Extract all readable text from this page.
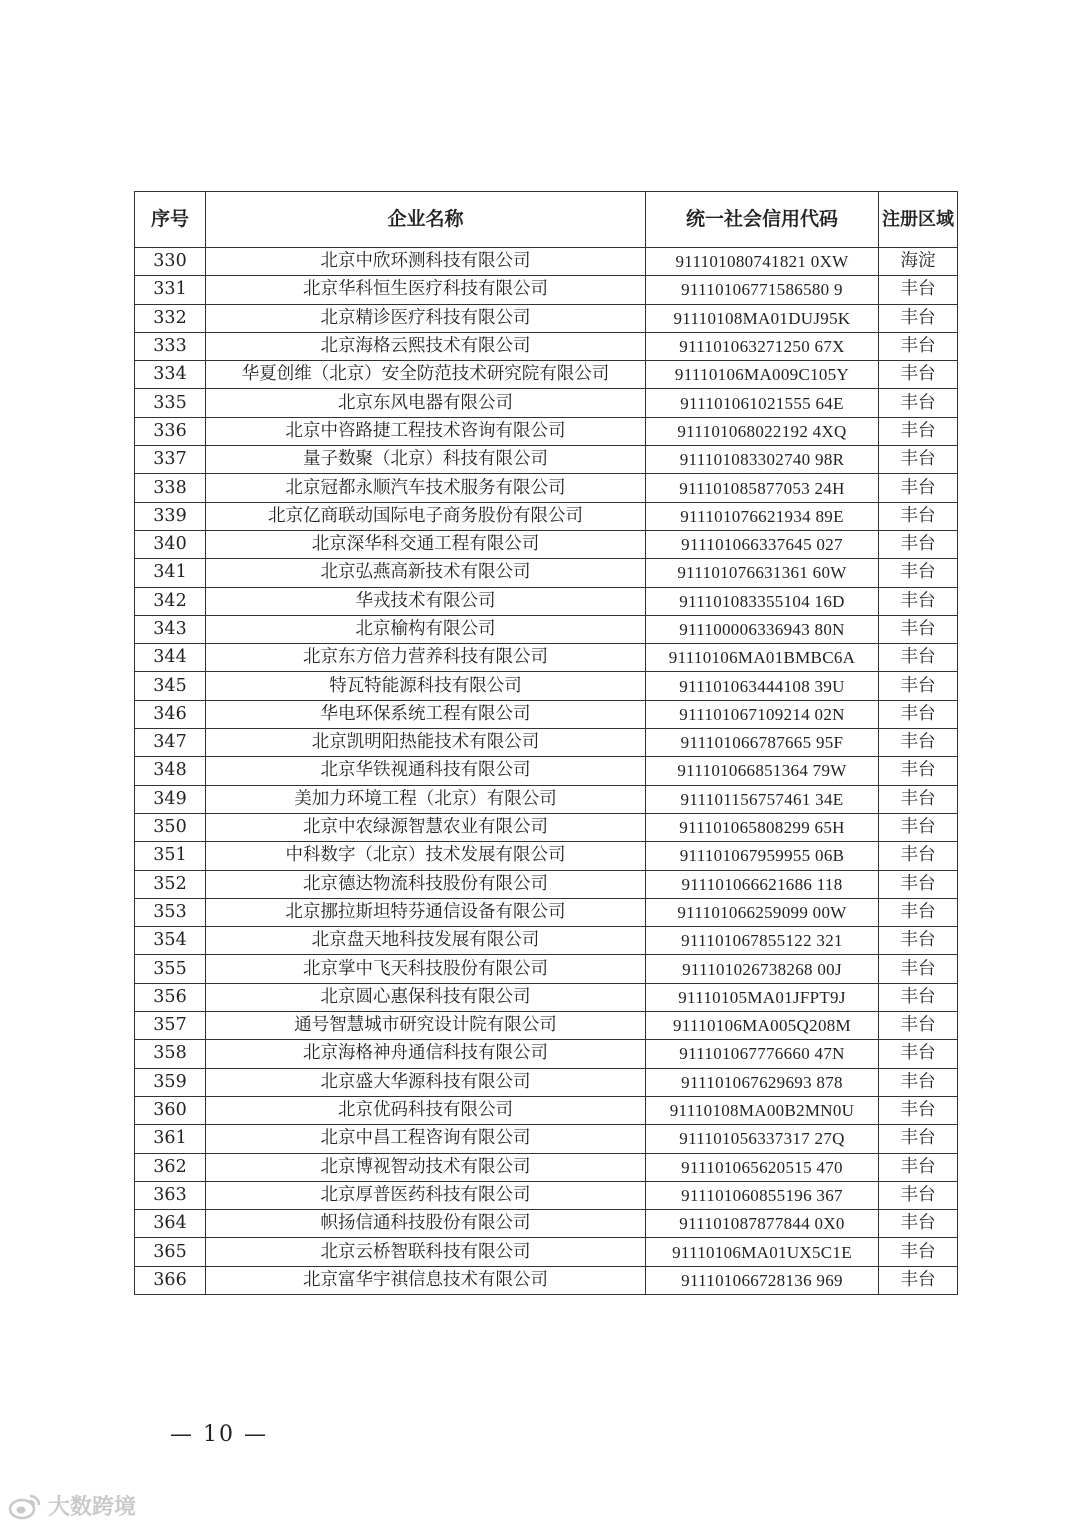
序号	企业名称	统一社会信用代码	注册区域
330	北京中欣环测科技有限公司	911101080741821 0XW	海淀
331	北京华科恒生医疗科技有限公司	91110106771586580 9	丰台
332	北京精诊医疗科技有限公司	91110108MA01DUJ95K	丰台
333	北京海格云熙技术有限公司	911101063271250 67X	丰台
334	华夏创维（北京）安全防范技术研究院有限公司	91110106MA009C105Y	丰台
335	北京东风电器有限公司	911101061021555 64E	丰台
336	北京中咨路捷工程技术咨询有限公司	911101068022192 4XQ	丰台
337	量子数聚（北京）科技有限公司	911101083302740 98R	丰台
338	北京冠都永顺汽车技术服务有限公司	911101085877053 24H	丰台
339	北京亿商联动国际电子商务股份有限公司	911101076621934 89E	丰台
340	北京深华科交通工程有限公司	911101066337645 027	丰台
341	北京弘燕高新技术有限公司	911101076631361 60W	丰台
342	华戎技术有限公司	911101083355104 16D	丰台
343	北京榆构有限公司	911100006336943 80N	丰台
344	北京东方倍力营养科技有限公司	91110106MA01BMBC6A	丰台
345	特瓦特能源科技有限公司	911101063444108 39U	丰台
346	华电环保系统工程有限公司	911101067109214 02N	丰台
347	北京凯明阳热能技术有限公司	911101066787665 95F	丰台
348	北京华铁视通科技有限公司	911101066851364 79W	丰台
349	美加力环境工程（北京）有限公司	911101156757461 34E	丰台
350	北京中农绿源智慧农业有限公司	911101065808299 65H	丰台
351	中科数字（北京）技术发展有限公司	911101067959955 06B	丰台
352	北京德达物流科技股份有限公司	911101066621686 118	丰台
353	北京挪拉斯坦特芬通信设备有限公司	911101066259099 00W	丰台
354	北京盘天地科技发展有限公司	911101067855122 321	丰台
355	北京掌中飞天科技股份有限公司	911101026738268 00J	丰台
356	北京圆心惠保科技有限公司	91110105MA01JFPT9J	丰台
357	通号智慧城市研究设计院有限公司	91110106MA005Q208M	丰台
358	北京海格神舟通信科技有限公司	911101067776660 47N	丰台
359	北京盛大华源科技有限公司	911101067629693 878	丰台
360	北京优码科技有限公司	91110108MA00B2MN0U	丰台
361	北京中昌工程咨询有限公司	911101056337317 27Q	丰台
362	北京博视智动技术有限公司	911101065620515 470	丰台
363	北京厚普医药科技有限公司	911101060855196 367	丰台
364	帜扬信通科技股份有限公司	911101087877844 0X0	丰台
365	北京云桥智联科技有限公司	91110106MA01UX5C1E	丰台
366	北京富华宇祺信息技术有限公司	911101066728136 969	丰台
— 10 —
大数跨境
